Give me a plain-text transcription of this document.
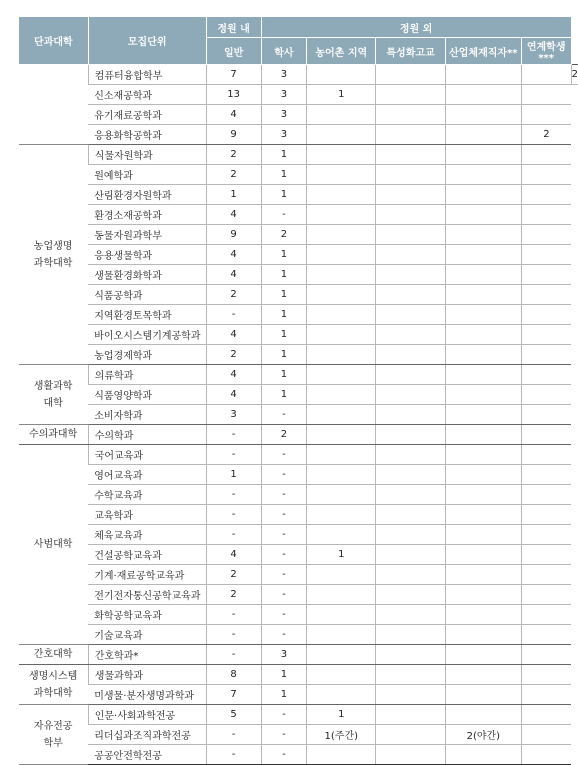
단과대학	모집단위	정원 내	정원 외					
		일반	학사	농어촌 지역	특성화고교	산업체재직자**	연계학생***	
	컴퓨터융합학부	7	3					2
	신소재공학과	13	3	1				
	유기재료공학과	4	3					
	응용화학공학과	9	3				2	
농업생명
과학대학	식물자원학과	2	1					
	원예학과	2	1					
	산림환경자원학과	1	1					
	환경소재공학과	4	-					
	동물자원과학부	9	2					
	응용생물학과	4	1					
	생물환경화학과	4	1					
	식품공학과	2	1					
	지역환경토목학과	-	1					
	바이오시스템기계공학과	4	1					
	농업경제학과	2	1					
생활과학
대학	의류학과	4	1					
	식품영양학과	4	1					
	소비자학과	3	-					
수의과대학	수의학과	-	2					
사범대학	국어교육과	-	-					
	영어교육과	1	-					
	수학교육과	-	-					
	교육학과	-	-					
	체육교육과	-	-					
	건설공학교육과	4	-	1				
	기계·재료공학교육과	2	-					
	전기전자통신공학교육과	2	-					
	화학공학교육과	-	-					
	기술교육과	-	-					
간호대학	간호학과*	-	3					
생명시스템
과학대학	생물과학과	8	1					
	미생물·분자생명과학과	7	1					
자유전공
학부	인문·사회과학전공	5	-	1				
	리더십과조직과학전공	-	-	1(주간)		2(야간)		
	공공안전학전공	-	-					
